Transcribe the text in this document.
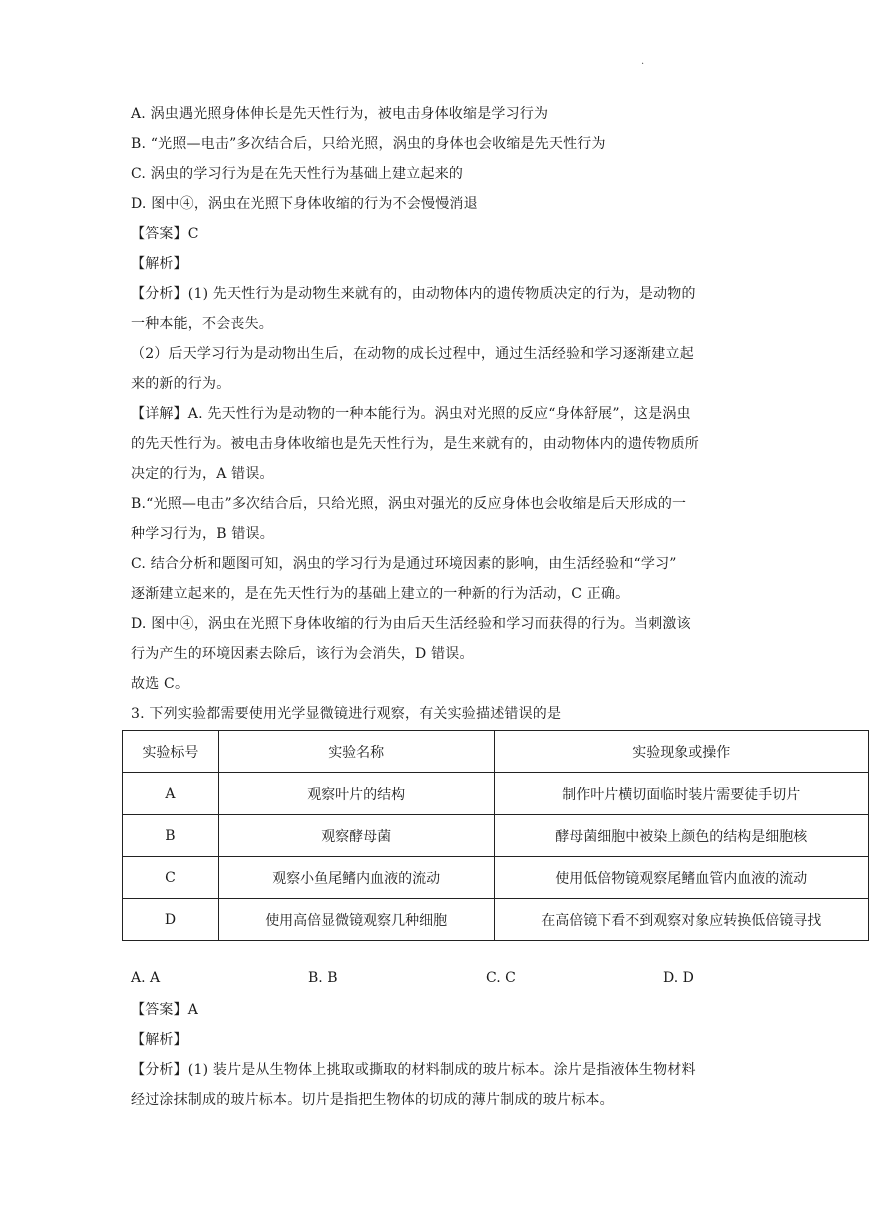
.
A. 涡虫遇光照身体伸长是先天性行为，被电击身体收缩是学习行为
B. “光照—电击”多次结合后，只给光照，涡虫的身体也会收缩是先天性行为
C. 涡虫的学习行为是在先天性行为基础上建立起来的
D. 图中④，涡虫在光照下身体收缩的行为不会慢慢消退
【答案】C
【解析】
【分析】(1) 先天性行为是动物生来就有的，由动物体内的遗传物质决定的行为，是动物的
一种本能，不会丧失。
（2）后天学习行为是动物出生后，在动物的成长过程中，通过生活经验和学习逐渐建立起
来的新的行为。
【详解】A. 先天性行为是动物的一种本能行为。涡虫对光照的反应“身体舒展”，这是涡虫
的先天性行为。被电击身体收缩也是先天性行为，是生来就有的，由动物体内的遗传物质所
决定的行为，A 错误。
B.“光照—电击”多次结合后，只给光照，涡虫对强光的反应身体也会收缩是后天形成的一
种学习行为，B 错误。
C. 结合分析和题图可知，涡虫的学习行为是通过环境因素的影响，由生活经验和“学习”
逐渐建立起来的，是在先天性行为的基础上建立的一种新的行为活动，C 正确。
D. 图中④，涡虫在光照下身体收缩的行为由后天生活经验和学习而获得的行为。当刺激该
行为产生的环境因素去除后，该行为会消失，D 错误。
故选 C。
3. 下列实验都需要使用光学显微镜进行观察，有关实验描述错误的是
实验标号	实验名称	实验现象或操作
A	观察叶片的结构	制作叶片横切面临时装片需要徒手切片
B	观察酵母菌	酵母菌细胞中被染上颜色的结构是细胞核
C	观察小鱼尾鳍内血液的流动	使用低倍物镜观察尾鳍血管内血液的流动
D	使用高倍显微镜观察几种细胞	在高倍镜下看不到观察对象应转换低倍镜寻找
A. A	B. B	C. C	D. D
【答案】A
【解析】
【分析】(1) 装片是从生物体上挑取或撕取的材料制成的玻片标本。涂片是指液体生物材料
经过涂抹制成的玻片标本。切片是指把生物体的切成的薄片制成的玻片标本。
